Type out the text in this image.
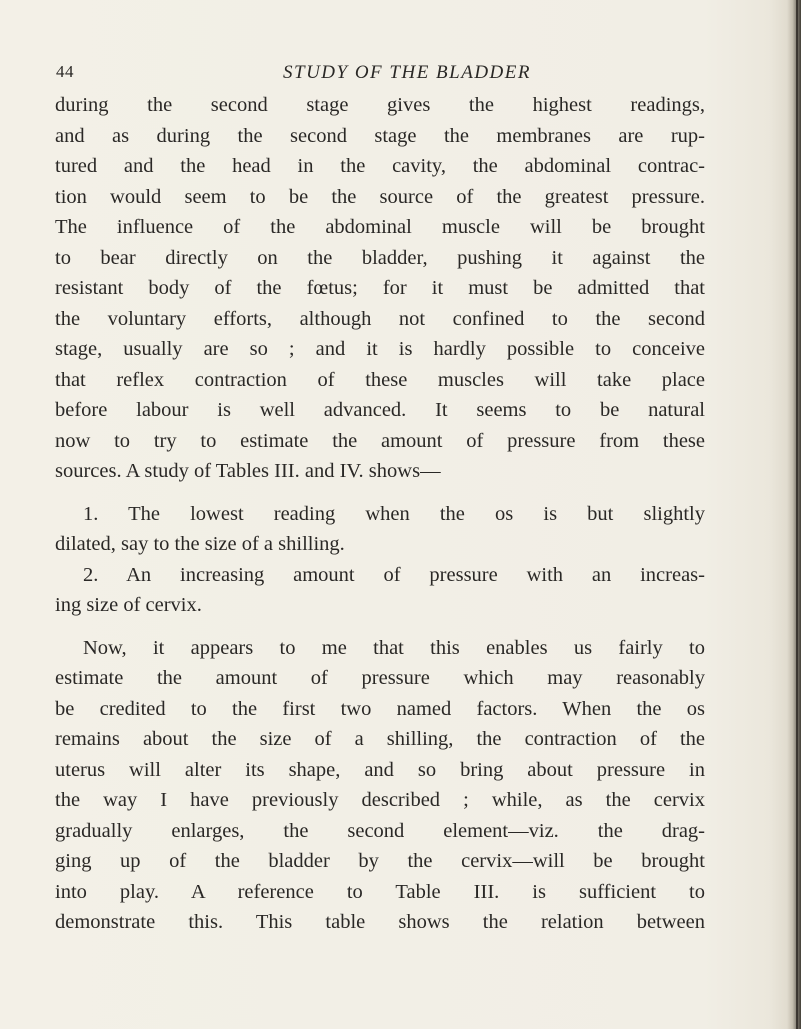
44	STUDY OF THE BLADDER
during the second stage gives the highest readings,
and as during the second stage the membranes are rup-
tured and the head in the cavity, the abdominal contrac-
tion would seem to be the source of the greatest pressure.
The influence of the abdominal muscle will be brought
to bear directly on the bladder, pushing it against the
resistant body of the fœtus; for it must be admitted that
the voluntary efforts, although not confined to the second
stage, usually are so ; and it is hardly possible to conceive
that reflex contraction of these muscles will take place
before labour is well advanced. It seems to be natural
now to try to estimate the amount of pressure from these
sources. A study of Tables III. and IV. shows—
1. The lowest reading when the os is but slightly
dilated, say to the size of a shilling.
2. An increasing amount of pressure with an increas-
ing size of cervix.
Now, it appears to me that this enables us fairly to
estimate the amount of pressure which may reasonably
be credited to the first two named factors. When the os
remains about the size of a shilling, the contraction of the
uterus will alter its shape, and so bring about pressure in
the way I have previously described ; while, as the cervix
gradually enlarges, the second element—viz. the drag-
ging up of the bladder by the cervix—will be brought
into play. A reference to Table III. is sufficient to
demonstrate this. This table shows the relation between
